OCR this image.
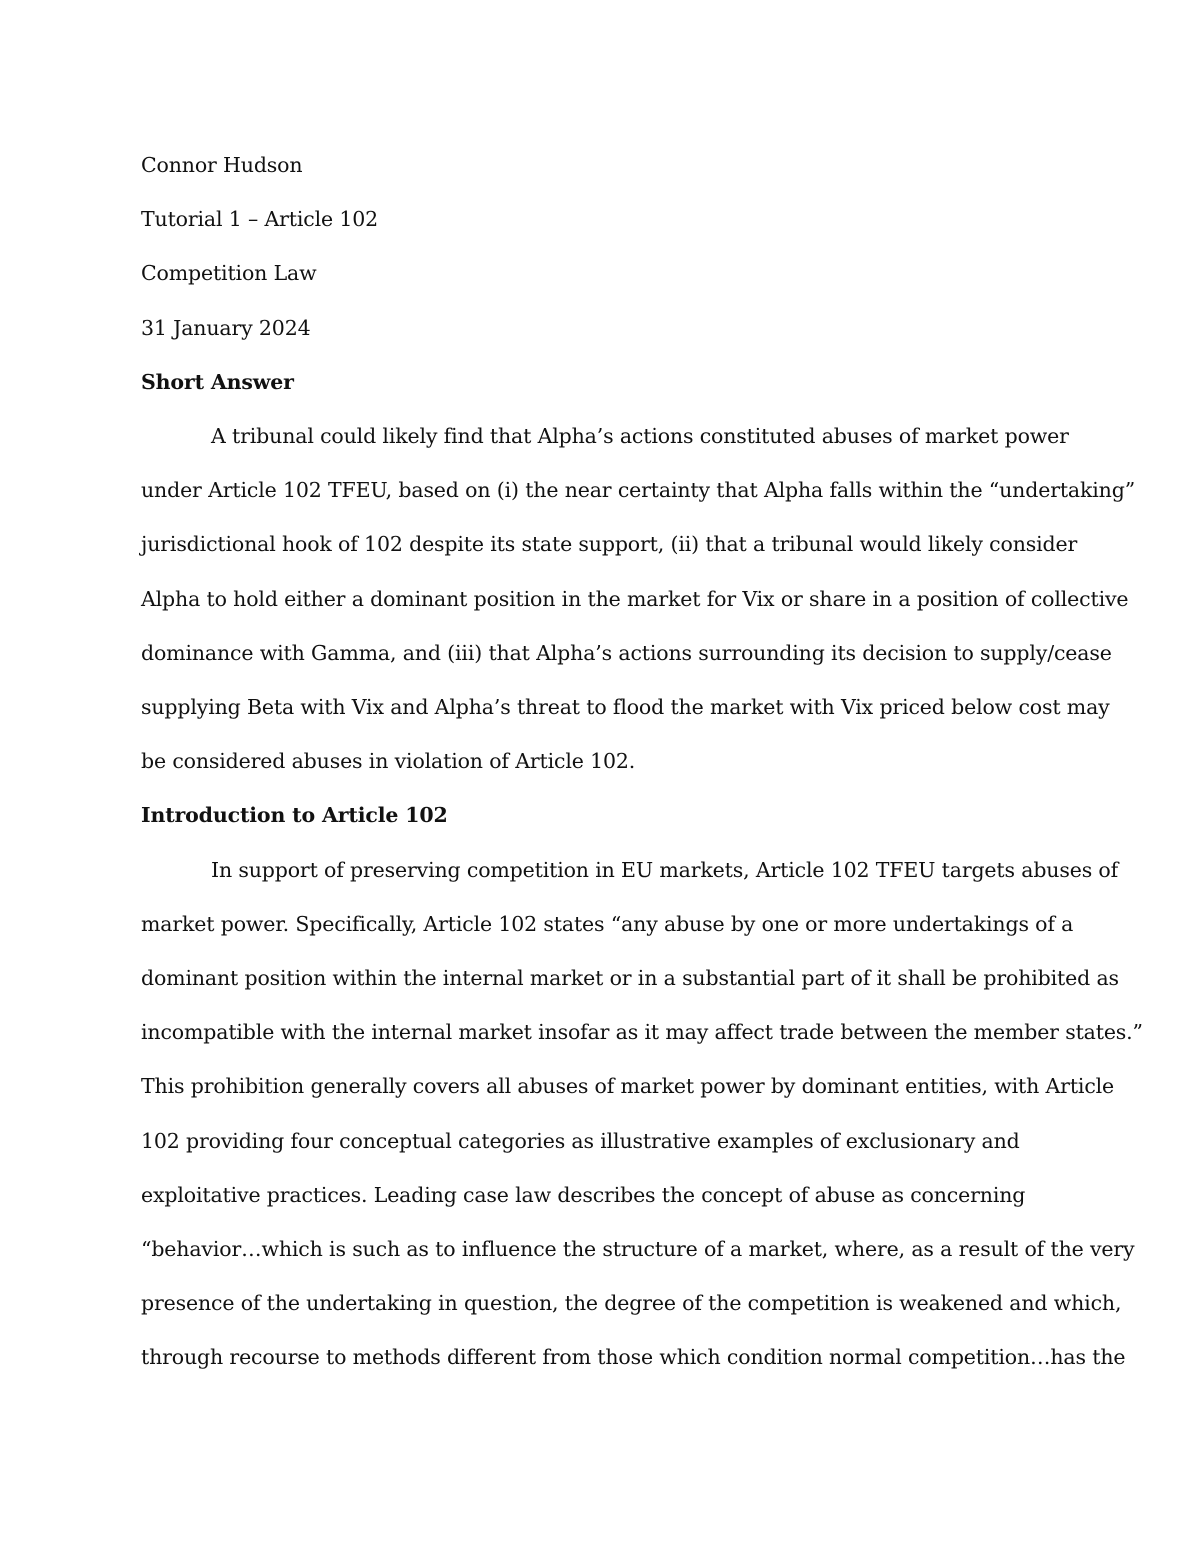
Connor Hudson
Tutorial 1 – Article 102
Competition Law
31 January 2024
Short Answer
A tribunal could likely find that Alpha’s actions constituted abuses of market power
under Article 102 TFEU, based on (i) the near certainty that Alpha falls within the “undertaking”
jurisdictional hook of 102 despite its state support, (ii) that a tribunal would likely consider
Alpha to hold either a dominant position in the market for Vix or share in a position of collective
dominance with Gamma, and (iii) that Alpha’s actions surrounding its decision to supply/cease
supplying Beta with Vix and Alpha’s threat to flood the market with Vix priced below cost may
be considered abuses in violation of Article 102.
Introduction to Article 102
In support of preserving competition in EU markets, Article 102 TFEU targets abuses of
market power. Specifically, Article 102 states “any abuse by one or more undertakings of a
dominant position within the internal market or in a substantial part of it shall be prohibited as
incompatible with the internal market insofar as it may affect trade between the member states.”
This prohibition generally covers all abuses of market power by dominant entities, with Article
102 providing four conceptual categories as illustrative examples of exclusionary and
exploitative practices. Leading case law describes the concept of abuse as concerning
“behavior…which is such as to influence the structure of a market, where, as a result of the very
presence of the undertaking in question, the degree of the competition is weakened and which,
through recourse to methods different from those which condition normal competition…has the
